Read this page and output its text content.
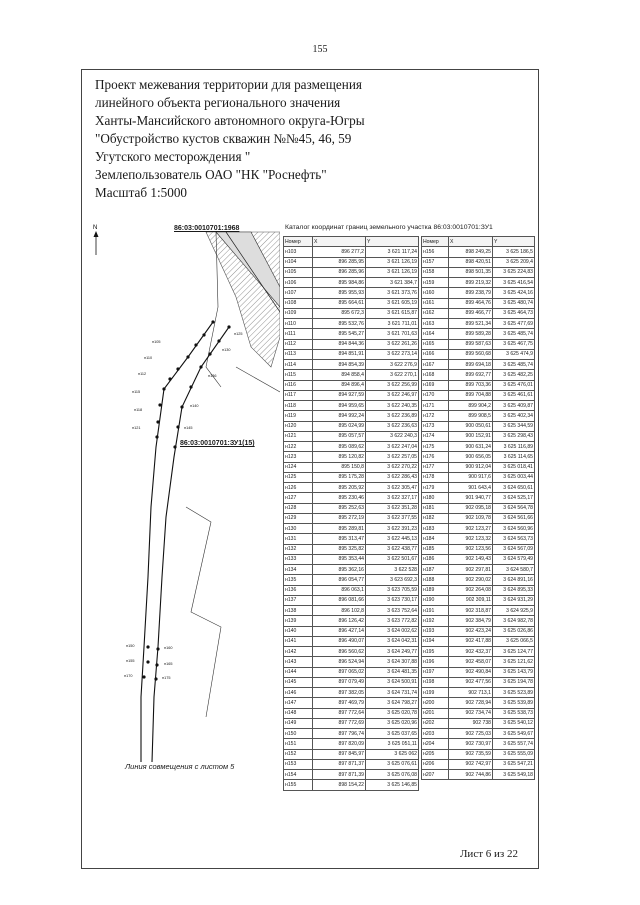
155
Проект межевания территории для размещения
линейного объекта регионального значения
Ханты-Мансийского автономного округа-Югры
"Обустройство кустов скважин №№45, 46, 59
Угутского месторождения "
Землепользователь ОАО "НК "Роснефть"
Масштаб 1:5000
N
н105
н110
н112
н115
н118
н121
н125
н130
н136
н140
н145
н150
н155
н160
н165
н170	н175
86:03:0010701:1968
86:03:0010701:ЗУ1(15)
Линия совмещения с листом 5
Каталог координат границ земельного участка 86:03:0010701:ЗУ1
Номер	X	Y
н103	896 277,2	3 621 117,24
н104	896 285,95	3 621 126,19
н105	896 285,96	3 621 126,19
н106	895 984,86	3 621 384,7
н107	895 955,93	3 621 373,76
н108	895 664,61	3 621 605,19
н109	895 672,3	3 621 615,87
н110	895 532,76	3 621 711,01
н111	895 545,27	3 621 701,63
н112	894 844,36	3 622 261,26
н113	894 851,91	3 622 273,14
н114	894 854,39	3 622 276,9
н115	894 858,4	3 622 270,1
н116	894 896,4	3 622 256,99
н117	894 927,59	3 622 246,97
н118	894 959,65	3 622 240,35
н119	894 992,24	3 622 236,89
н120	895 024,99	3 622 236,63
н121	895 057,57	3 622 240,3
н122	895 089,62	3 622 247,04
н123	895 120,82	3 622 257,05
н124	895 150,8	3 622 270,22
н125	895 175,28	3 622 286,43
н126	895 205,92	3 622 305,47
н127	895 230,46	3 622 327,17
н128	895 252,63	3 622 351,28
н129	895 272,19	3 622 377,55
н130	895 289,81	3 622 391,23
н131	895 313,47	3 622 445,13
н132	895 325,82	3 622 438,77
н133	895 353,44	3 622 501,67
н134	895 362,16	3 622 528
н135	896 054,77	3 623 692,3
н136	896 063,1	3 623 705,59
н137	896 081,66	3 623 730,17
н138	896 102,8	3 623 752,64
н139	896 126,42	3 623 772,82
н140	896 427,14	3 624 002,62
н141	896 490,07	3 624 042,31
н142	896 560,62	3 624 249,77
н143	896 524,94	3 624 307,88
н144	897 065,02	3 624 481,35
н145	897 079,49	3 624 500,91
н146	897 382,05	3 624 731,74
н147	897 469,79	3 624 798,27
н148	897 772,64	3 625 020,78
н149	897 772,69	3 625 020,96
н150	897 796,74	3 625 037,65
н151	897 820,09	3 625 051,11
н152	897 845,97	3 625 062
н153	897 871,37	3 625 076,61
н154	897 871,39	3 625 076,08
н155	898 154,22	3 625 146,85
Номер	X	Y
н156	898 249,25	3 625 186,5
н157	898 420,51	3 625 209,4
н158	898 501,35	3 625 224,83
н159	899 219,32	3 625 416,54
н160	899 238,79	3 625 424,16
н161	899 464,76	3 625 480,74
н162	899 466,77	3 625 464,73
н163	899 521,34	3 625 477,69
н164	899 589,28	3 625 485,74
н165	899 587,63	3 625 467,75
н166	899 560,68	3 625 474,9
н167	899 694,18	3 625 485,74
н168	899 692,77	3 625 482,25
н169	899 703,36	3 625 476,01
н170	899 704,88	3 625 461,61
н171	899 904,2	3 625 409,87
н172	899 908,5	3 625 402,34
н173	900 050,61	3 625 344,59
н174	900 152,91	3 625 298,43
н175	900 631,24	3 625 116,89
н176	900 656,05	3 625 114,65
н177	900 912,04	3 625 018,41
н178	900 917,6	3 625 003,44
н179	901 643,4	3 624 650,61
н180	901 940,77	3 624 525,17
н181	902 095,18	3 624 564,78
н182	902 109,78	3 624 561,66
н183	902 123,27	3 624 560,96
н184	902 123,32	3 624 563,73
н185	902 123,56	3 624 567,09
н186	902 149,43	3 624 579,49
н187	902 297,81	3 624 580,7
н188	902 290,02	3 624 891,16
н189	902 264,08	3 624 895,33
н190	902 309,11	3 624 931,29
н191	902 318,87	3 624 925,9
н192	902 384,79	3 624 982,78
н193	902 423,24	3 625 026,86
н194	902 417,88	3 625 066,5
н195	902 432,37	3 625 124,77
н196	902 458,07	3 625 121,62
н197	902 490,84	3 625 143,79
н198	902 477,56	3 625 194,78
н199	902 713,1	3 625 523,89
н200	902 728,94	3 625 539,89
н201	902 734,74	3 625 538,73
н202	902 738	3 625 540,12
н203	902 725,03	3 625 549,67
н204	902 730,97	3 625 557,74
н205	902 735,59	3 625 555,09
н206	902 742,97	3 625 547,21
н207	902 744,86	3 625 549,18
Лист 6 из 22
